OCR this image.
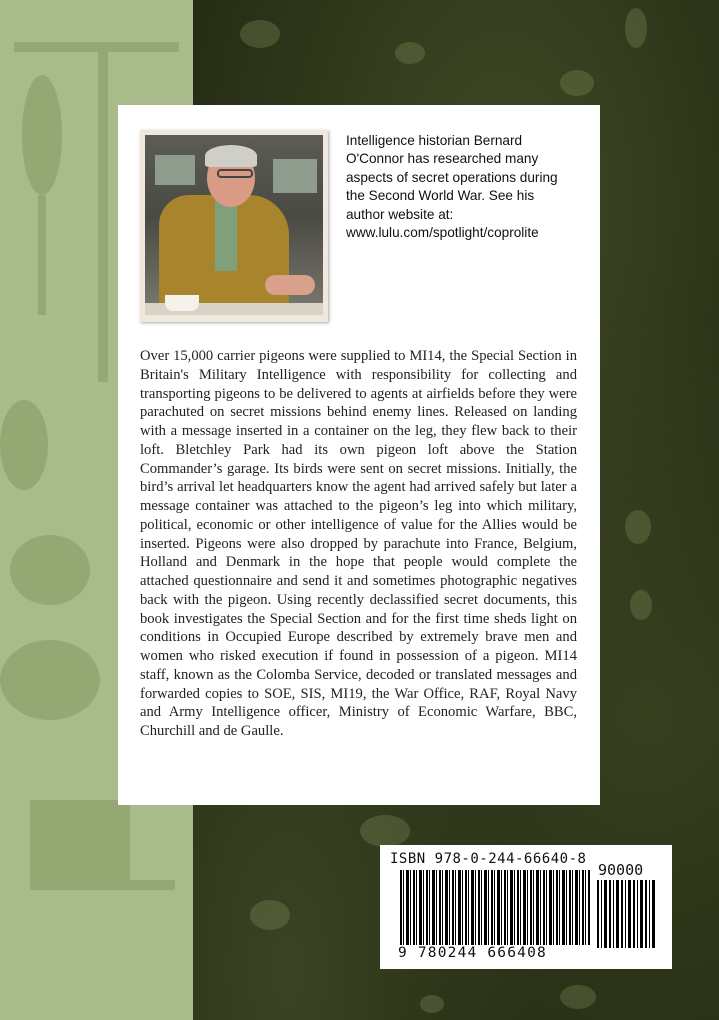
Intelligence historian Bernard
O'Connor has researched many
aspects of secret operations during
the Second World War. See his
author website at:
www.lulu.com/spotlight/coprolite
Over 15,000 carrier pigeons were supplied to MI14, the Special Section in Britain's Military Intelligence with responsibility for collecting and transporting pigeons to be delivered to agents at airfields before they were parachuted on secret missions behind enemy lines. Released on landing with a message inserted in a container on the leg, they flew back to their loft. Bletchley Park had its own pigeon loft above the Station Commander’s garage. Its birds were sent on secret missions. Initially, the bird’s arrival let headquarters know the agent had arrived safely but later a message container was attached to the pigeon’s leg into which military, political, economic or other intelligence of value for the Allies would be inserted. Pigeons were also dropped by parachute into France, Belgium, Holland and Denmark in the hope that people would complete the attached questionnaire and send it and sometimes photographic negatives back with the pigeon. Using recently declassified secret documents, this book investigates the Special Section and for the first time sheds light on conditions in Occupied Europe described by extremely brave men and women who risked execution if found in possession of a pigeon. MI14 staff, known as the Colomba Service, decoded or translated messages and forwarded copies to SOE, SIS, MI19, the War Office, RAF, Royal Navy and Army Intelligence officer, Ministry of Economic Warfare, BBC, Churchill and de Gaulle.
ISBN 978-0-244-66640-8
90000
9 780244 666408
